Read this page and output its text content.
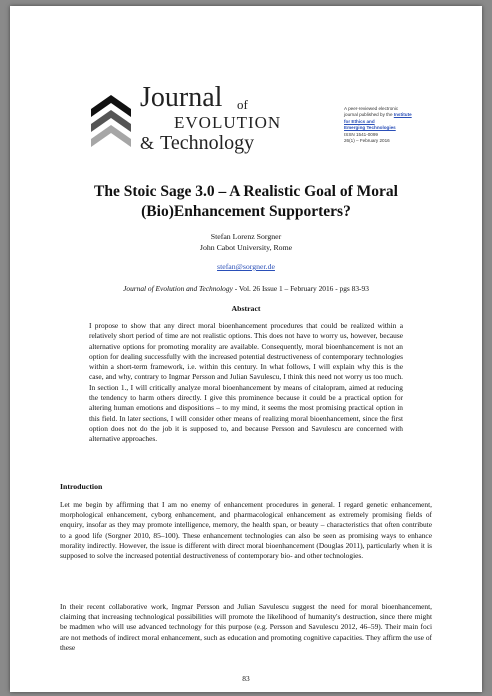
Journal of
EVOLUTION
& Technology
A peer-reviewed electronic
journal published by the Institute
for Ethics and
Emerging Technologies
ISSN 1541-0099
26(1) – February 2016
The Stoic Sage 3.0 – A Realistic Goal of Moral
(Bio)Enhancement Supporters?
Stefan Lorenz Sorgner
John Cabot University, Rome
stefan@sorgner.de
Journal of Evolution and Technology - Vol. 26 Issue 1 – February 2016 - pgs 83-93
Abstract

I propose to show that any direct moral bioenhancement procedures that could be realized within a relatively short period of time are not realistic options. This does not have to worry us, however, because alternative options for promoting morality are available. Consequently, moral bioenhancement is not an option for dealing successfully with the increased potential destructiveness of contemporary technologies within a short-term framework, i.e. within this century. In what follows, I will explain why this is the case, and why, contrary to Ingmar Persson and Julian Savulescu, I think this need not worry us too much. In section 1., I will critically analyze moral bioenhancement by means of citalopram, aimed at reducing the tendency to harm others directly. I give this prominence because it could be a practical option for altering human emotions and dispositions – to my mind, it seems the most promising practical option in this field. In later sections, I will consider other means of realizing moral bioenhancement, since the first option does not do the job it is supposed to, and because Persson and Savulescu are concerned with alternative approaches.

Introduction

Let me begin by affirming that I am no enemy of enhancement procedures in general. I regard genetic enhancement, morphological enhancement, cyborg enhancement, and pharmacological enhancement as extremely promising fields of enquiry, insofar as they may promote intelligence, memory, the health span, or beauty – characteristics that often contribute to a good life (Sorgner 2010, 85–100). These enhancement technologies can also be seen as promising ways to enhance morality indirectly. However, the issue is different with direct moral bioenhancement (Douglas 2011), particularly when it is supposed to solve the increased potential destructiveness of contemporary bio- and other technologies.

In their recent collaborative work, Ingmar Persson and Julian Savulescu suggest the need for moral bioenhancement, claiming that increasing technological possibilities will promote the likelihood of humanity's destruction, since there might be madmen who will use advanced technology for this purpose (e.g. Persson and Savulescu 2012, 46–59). Their main foci are not methods of indirect moral enhancement, such as education and promoting cognitive capacities. They affirm the use of these

83
